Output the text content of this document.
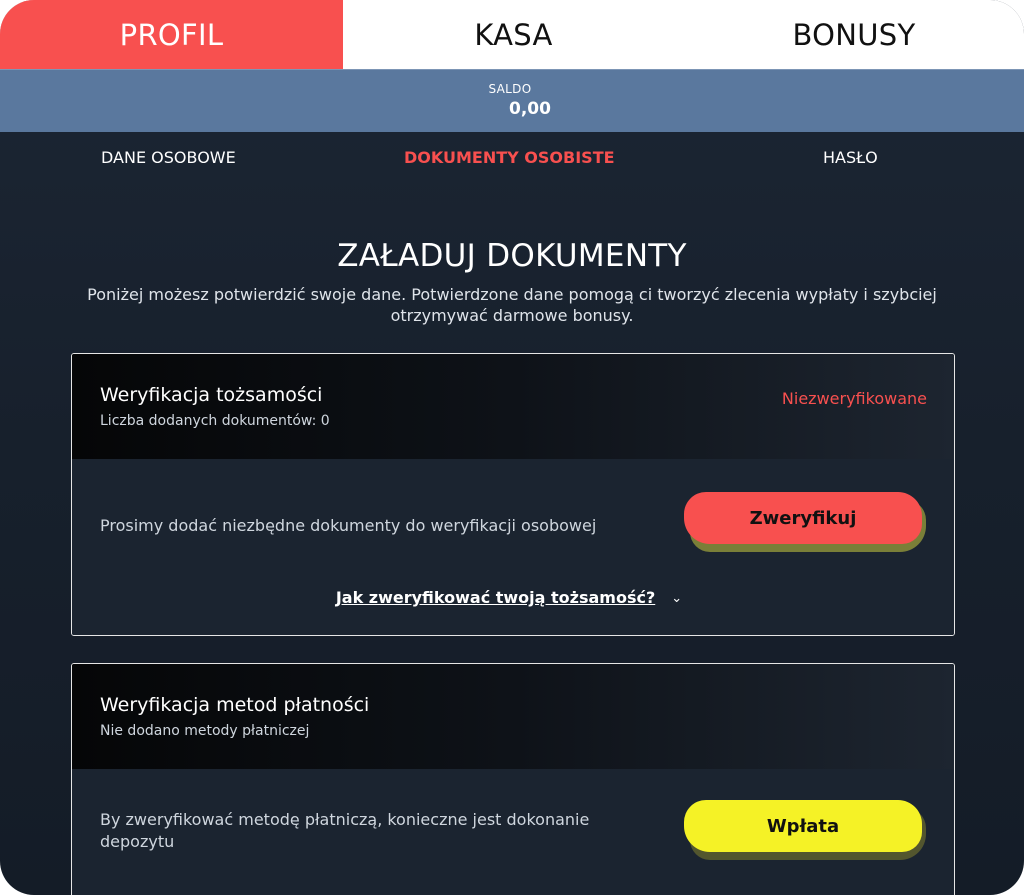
PROFIL	KASA	BONUSY
SALDO
0,00
DANE OSOBOWE	DOKUMENTY OSOBISTE	HASŁO
ZAŁADUJ DOKUMENTY
Poniżej możesz potwierdzić swoje dane. Potwierdzone dane pomogą ci tworzyć zlecenia wypłaty i szybciej otrzymywać darmowe bonusy.
Weryfikacja tożsamości
Liczba dodanych dokumentów: 0
Niezweryfikowane
Prosimy dodać niezbędne dokumenty do weryfikacji osobowej	Zweryfikuj
Jak zweryfikować twoją tożsamość? ⌄
Weryfikacja metod płatności
Nie dodano metody płatniczej
By zweryfikować metodę płatniczą, konieczne jest dokonanie depozytu
Wpłata
